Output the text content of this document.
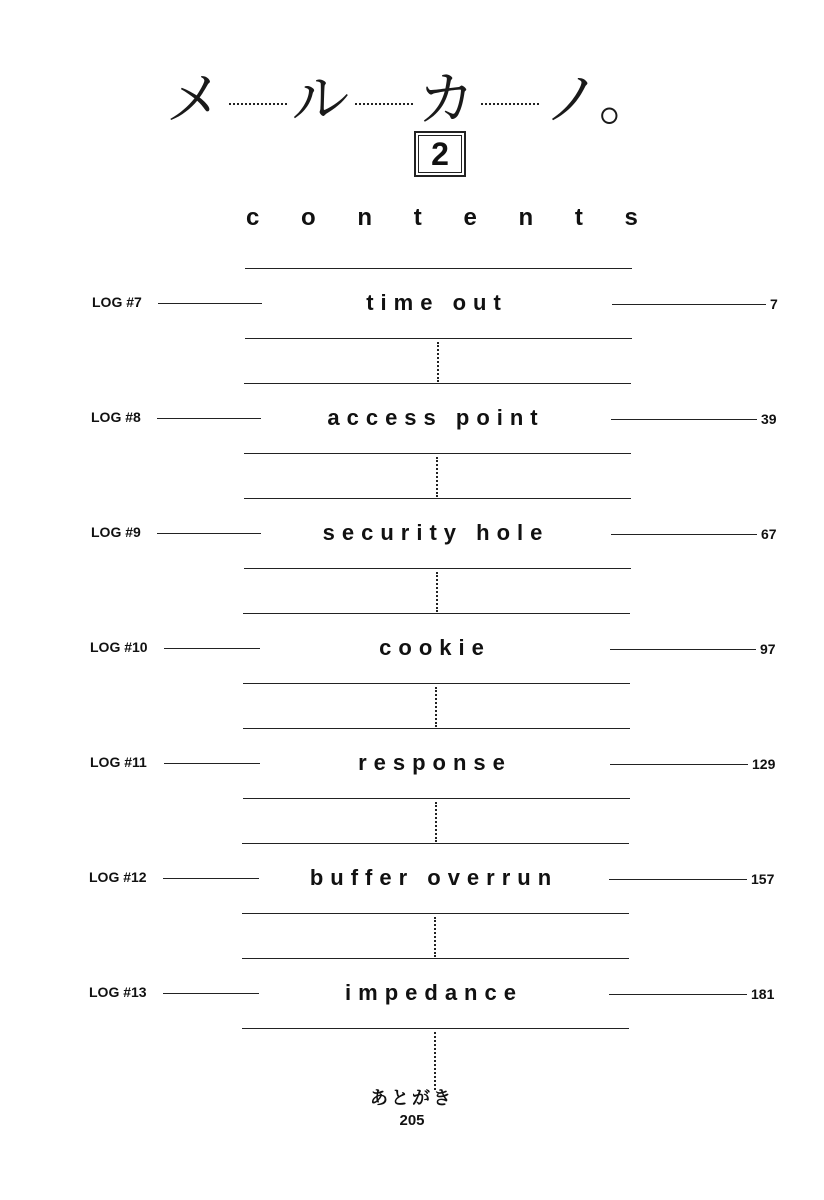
メ ル カ ノ。
2
c o n t e n t s
LOG #7	time out	7
LOG #8	access point	39
LOG #9	security hole	67
LOG #10	cookie	97
LOG #11	response	129
LOG #12	buffer overrun	157
LOG #13	impedance	181
あとがき
205
